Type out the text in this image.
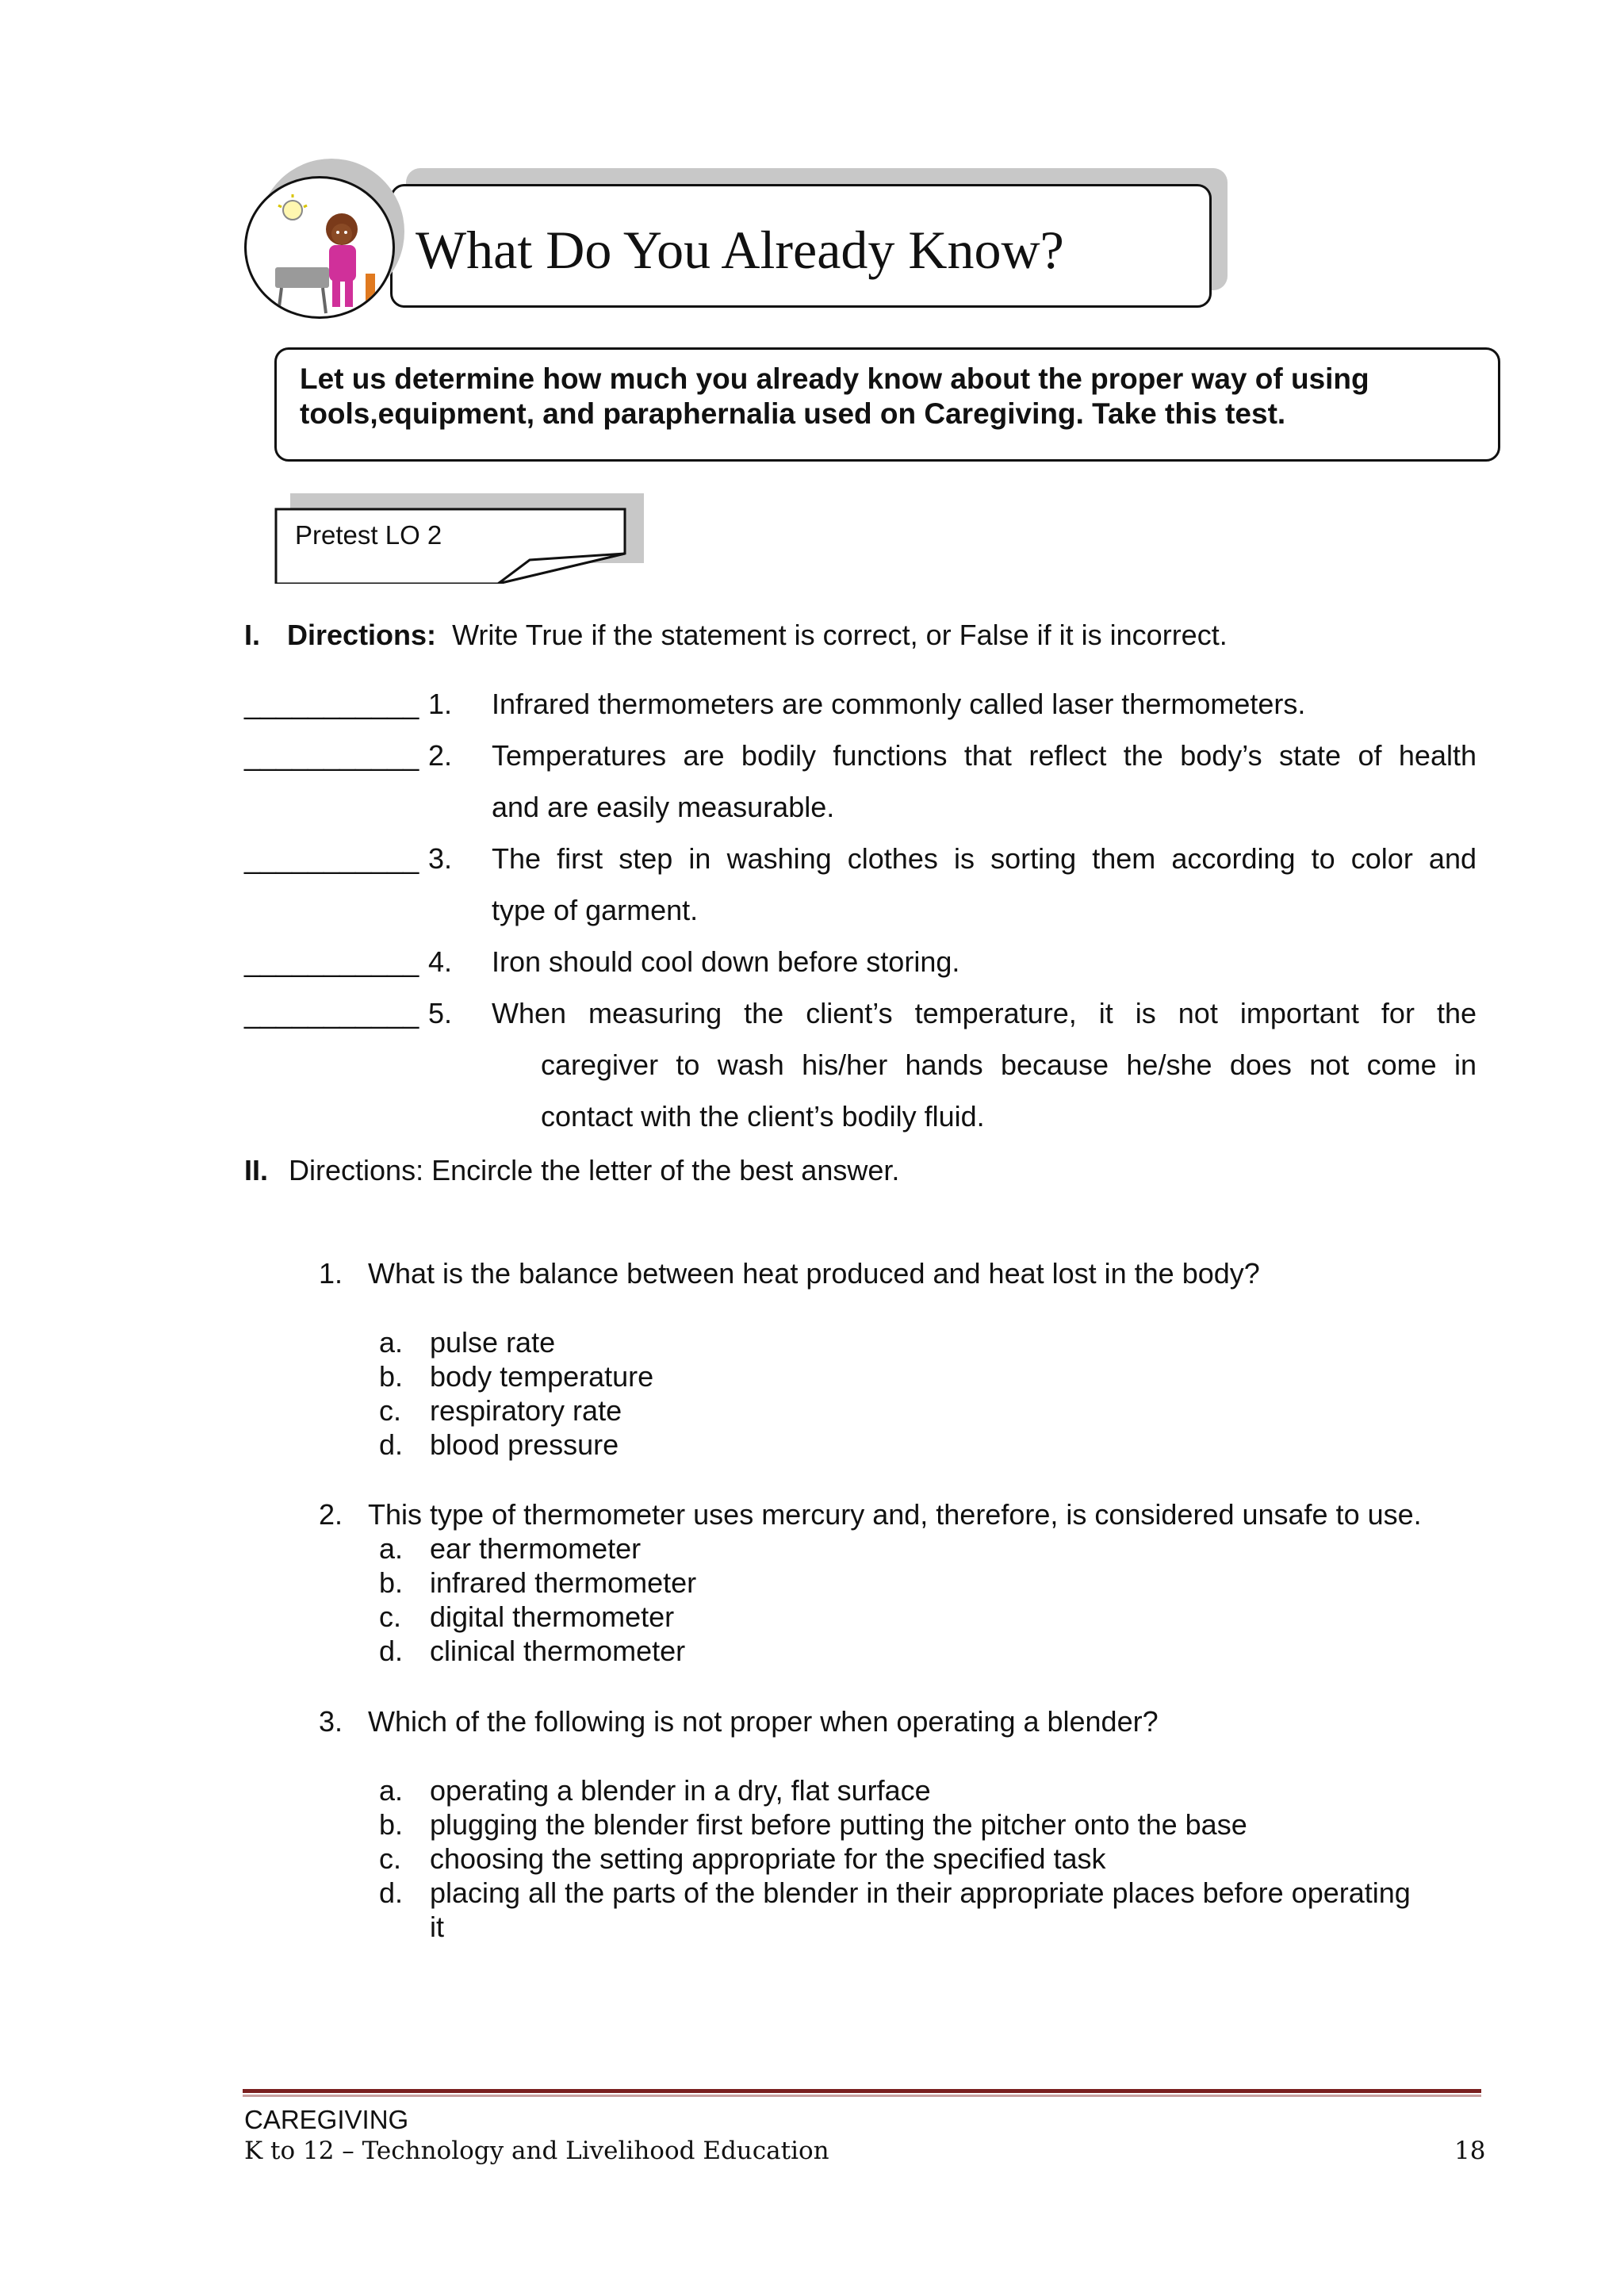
What Do You Already Know?
Let us determine how much you already know about the proper way of using tools,equipment, and paraphernalia used on Caregiving. Take this test.
Pretest LO 2
I. Directions: Write True if the statement is correct, or False if it is incorrect.
___________ 1. Infrared thermometers are commonly called laser thermometers.
___________ 2. Temperatures are bodily functions that reflect the body’s state of health
and are easily measurable.
___________ 3. The first step in washing clothes is sorting them according to color and
type of garment.
___________ 4. Iron should cool down before storing.
___________ 5. When measuring the client’s temperature, it is not important for the
caregiver to wash his/her hands because he/she does not come in
contact with the client’s bodily fluid.
II. Directions: Encircle the letter of the best answer.
1. What is the balance between heat produced and heat lost in the body?
a. pulse rate
b. body temperature
c. respiratory rate
d. blood pressure
2. This type of thermometer uses mercury and, therefore, is considered unsafe to use.
a. ear thermometer
b. infrared thermometer
c. digital thermometer
d. clinical thermometer
3. Which of the following is not proper when operating a blender?
a. operating a blender in a dry, flat surface
b. plugging the blender first before putting the pitcher onto the base
c. choosing the setting appropriate for the specified task
d. placing all the parts of the blender in their appropriate places before operating
it
CAREGIVING
K to 12 – Technology and Livelihood Education	18
